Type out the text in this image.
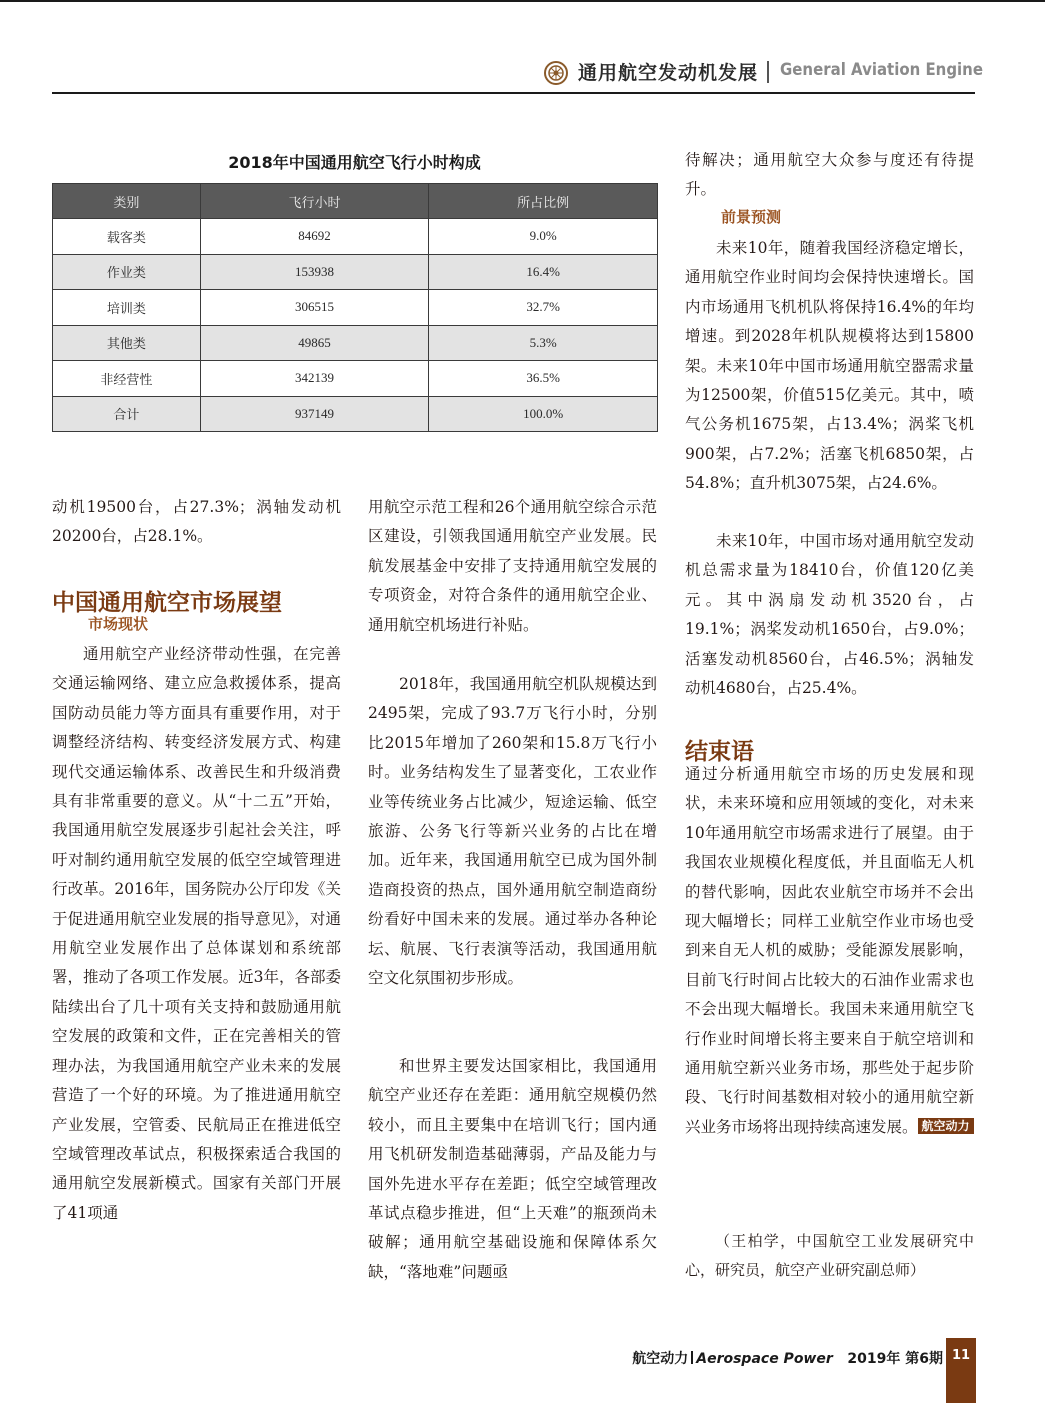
通用航空发动机发展 General Aviation Engine
2018年中国通用航空飞行小时构成
类别	飞行小时	所占比例
载客类	84692	9.0%
作业类	153938	16.4%
培训类	306515	32.7%
其他类	49865	5.3%
非经营性	342139	36.5%
合计	937149	100.0%

动机19500台，占27.3%；涡轴发动机20200台，占28.1%。

中国通用航空市场展望
市场现状

通用航空产业经济带动性强，在完善交通运输网络、建立应急救援体系，提高国防动员能力等方面具有重要作用，对于调整经济结构、转变经济发展方式、构建现代交通运输体系、改善民生和升级消费具有非常重要的意义。从“十二五”开始，我国通用航空发展逐步引起社会关注，呼吁对制约通用航空发展的低空空域管理进行改革。2016年，国务院办公厅印发《关于促进通用航空业发展的指导意见》，对通用航空业发展作出了总体谋划和系统部署，推动了各项工作发展。近3年，各部委陆续出台了几十项有关支持和鼓励通用航空发展的政策和文件，正在完善相关的管理办法，为我国通用航空产业未来的发展营造了一个好的环境。为了推进通用航空产业发展，空管委、民航局正在推进低空空域管理改革试点，积极探索适合我国的通用航空发展新模式。国家有关部门开展了41项通

用航空示范工程和26个通用航空综合示范区建设，引领我国通用航空产业发展。民航发展基金中安排了支持通用航空发展的专项资金，对符合条件的通用航空企业、通用航空机场进行补贴。

2018年，我国通用航空机队规模达到2495架，完成了93.7万飞行小时，分别比2015年增加了260架和15.8万飞行小时。业务结构发生了显著变化，工农业作业等传统业务占比减少，短途运输、低空旅游、公务飞行等新兴业务的占比在增加。近年来，我国通用航空已成为国外制造商投资的热点，国外通用航空制造商纷纷看好中国未来的发展。通过举办各种论坛、航展、飞行表演等活动，我国通用航空文化氛围初步形成。

和世界主要发达国家相比，我国通用航空产业还存在差距：通用航空规模仍然较小，而且主要集中在培训飞行；国内通用飞机研发制造基础薄弱，产品及能力与国外先进水平存在差距；低空空域管理改革试点稳步推进，但“上天难”的瓶颈尚未破解；通用航空基础设施和保障体系欠缺，“落地难”问题亟

待解决；通用航空大众参与度还有待提升。

前景预测

未来10年，随着我国经济稳定增长，通用航空作业时间均会保持快速增长。国内市场通用飞机机队将保持16.4%的年均增速。到2028年机队规模将达到15800架。未来10年中国市场通用航空器需求量为12500架，价值515亿美元。其中，喷气公务机1675架，占13.4%；涡桨飞机900架，占7.2%；活塞飞机6850架，占54.8%；直升机3075架，占24.6%。

未来10年，中国市场对通用航空发动机总需求量为18410台，价值120亿美元。其中涡扇发动机3520台，占19.1%；涡桨发动机1650台，占9.0%；活塞发动机8560台，占46.5%；涡轴发动机4680台，占25.4%。

结束语

通过分析通用航空市场的历史发展和现状，未来环境和应用领域的变化，对未来10年通用航空市场需求进行了展望。由于我国农业规模化程度低，并且面临无人机的替代影响，因此农业航空市场并不会出现大幅增长；同样工业航空作业市场也受到来自无人机的威胁；受能源发展影响，目前飞行时间占比较大的石油作业需求也不会出现大幅增长。我国未来通用航空飞行作业时间增长将主要来自于航空培训和通用航空新兴业务市场，那些处于起步阶段、飞行时间基数相对较小的通用航空新兴业务市场将出现持续高速发展。 航空动力

（王柏学，中国航空工业发展研究中心，研究员，航空产业研究副总师）

航空动力 Aerospace Power 2019年 第6期 11
